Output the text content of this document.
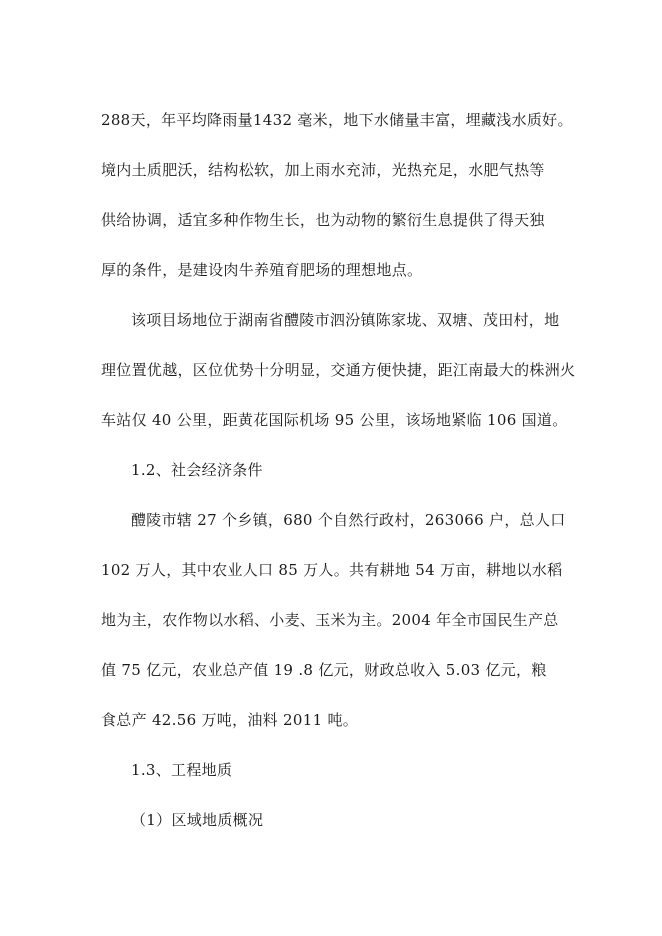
288天，年平均降雨量1432 毫米，地下水储量丰富，埋藏浅水质好。
境内土质肥沃，结构松软，加上雨水充沛，光热充足，水肥气热等
供给协调，适宜多种作物生长，也为动物的繁衍生息提供了得天独
厚的条件，是建设肉牛养殖育肥场的理想地点。
该项目场地位于湖南省醴陵市泗汾镇陈家垅、双塘、茂田村，地
理位置优越，区位优势十分明显，交通方便快捷，距江南最大的株洲火
车站仅 40 公里，距黄花国际机场 95 公里，该场地紧临 106 国道。
1.2、社会经济条件
醴陵市辖 27 个乡镇，680 个自然行政村，263066 户，总人口
102 万人，其中农业人口 85 万人。共有耕地 54 万亩，耕地以水稻
地为主，农作物以水稻、小麦、玉米为主。2004 年全市国民生产总
值 75 亿元，农业总产值 19 .8 亿元，财政总收入 5.03 亿元，粮
食总产 42.56 万吨，油料 2011 吨。
1.3、工程地质
（1）区域地质概况
